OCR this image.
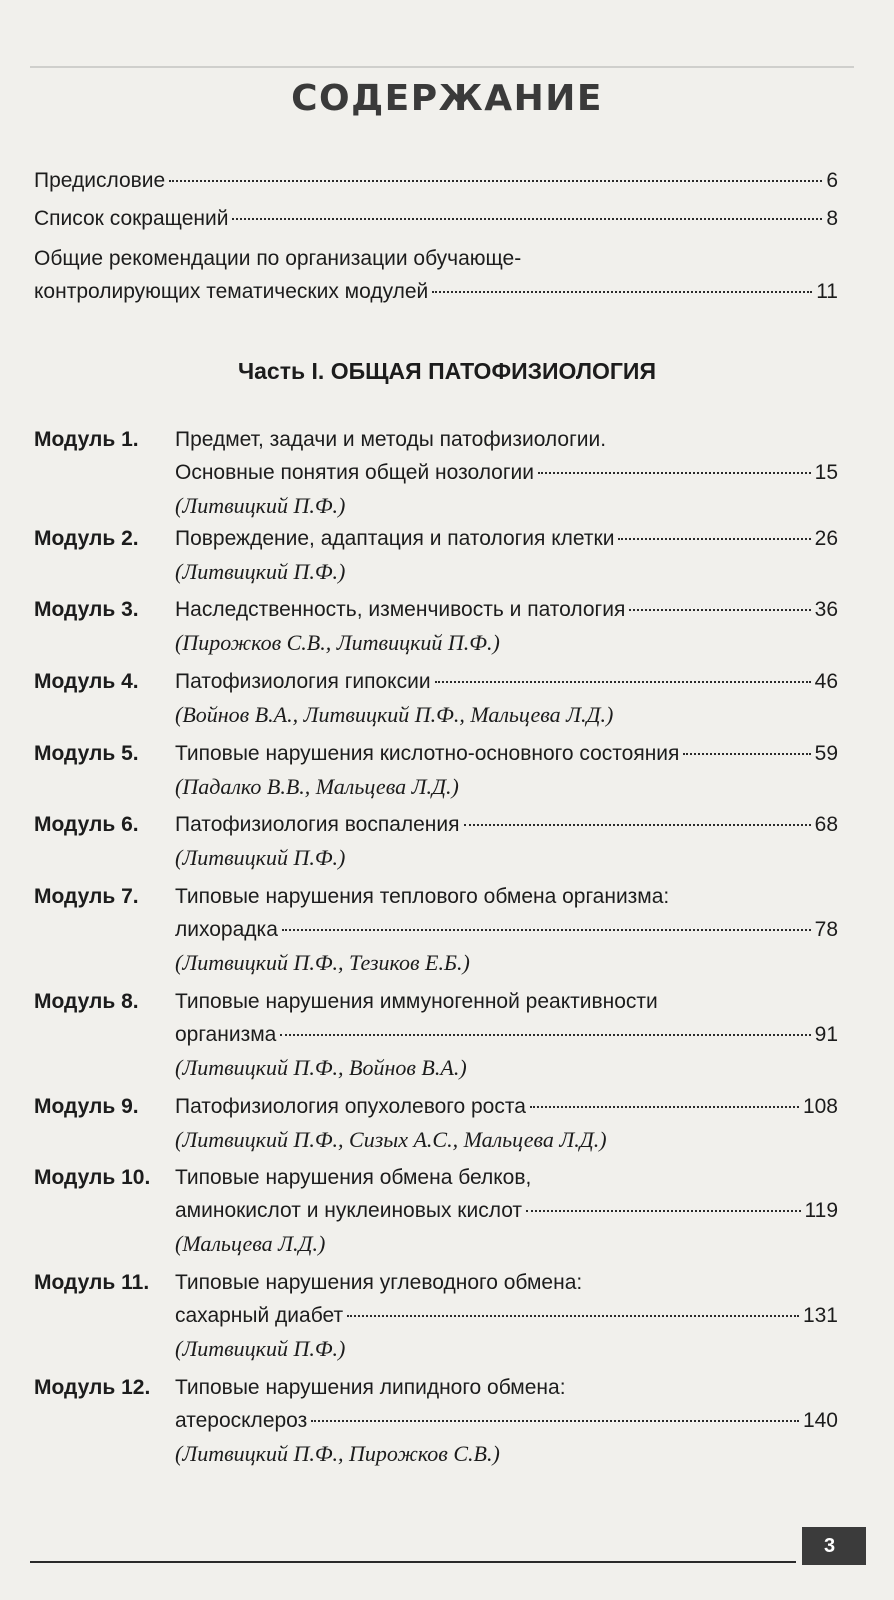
СОДЕРЖАНИЕ
Предисловие	6
Список сокращений	8
Общие рекомендации по организации обучающе-
контролирующих тематических модулей	11
Часть I. ОБЩАЯ ПАТОФИЗИОЛОГИЯ
Модуль 1. Предмет, задачи и методы патофизиологии.
Основные понятия общей нозологии	15
(Литвицкий П.Ф.)
Модуль 2. Повреждение, адаптация и патология клетки	26
(Литвицкий П.Ф.)
Модуль 3. Наследственность, изменчивость и патология	36
(Пирожков С.В., Литвицкий П.Ф.)
Модуль 4. Патофизиология гипоксии	46
(Войнов В.А., Литвицкий П.Ф., Мальцева Л.Д.)
Модуль 5. Типовые нарушения кислотно-основного состояния	59
(Падалко В.В., Мальцева Л.Д.)
Модуль 6. Патофизиология воспаления	68
(Литвицкий П.Ф.)
Модуль 7. Типовые нарушения теплового обмена организма:
лихорадка	78
(Литвицкий П.Ф., Тезиков Е.Б.)
Модуль 8. Типовые нарушения иммуногенной реактивности
организма	91
(Литвицкий П.Ф., Войнов В.А.)
Модуль 9. Патофизиология опухолевого роста	108
(Литвицкий П.Ф., Сизых А.С., Мальцева Л.Д.)
Модуль 10. Типовые нарушения обмена белков,
аминокислот и нуклеиновых кислот	119
(Мальцева Л.Д.)
Модуль 11. Типовые нарушения углеводного обмена:
сахарный диабет	131
(Литвицкий П.Ф.)
Модуль 12. Типовые нарушения липидного обмена:
атеросклероз	140
(Литвицкий П.Ф., Пирожков С.В.)
3
